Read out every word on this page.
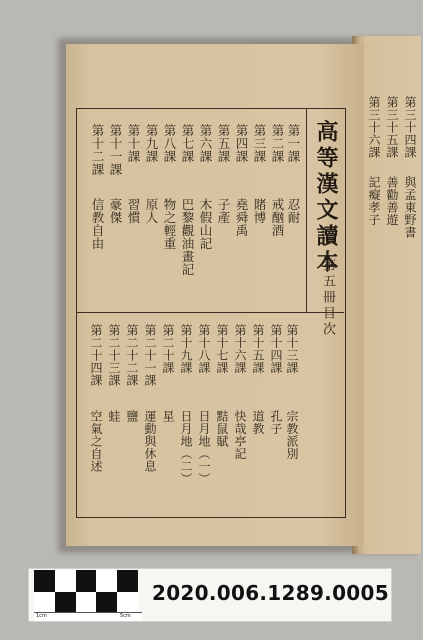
高等漢文讀本
第五冊目次
第一課
忍耐
第二課
戒酗酒
第三課
賭博
第四課
堯舜禹
第五課
子產
第六課
木假山記
第七課
巴黎觀油畫記
第八課
物之輕重
第九課
原人
第十課
習慣
第十一課
豪傑
第十二課
信教自由
第十三課
宗教派別
第十四課
孔子
第十五課
道教
第十六課
快哉亭記
第十七課
黠鼠賦
第十八課
日月地（一）
第十九課
日月地（二）
第二十課
星
第二十一課
運動與休息
第二十二課
鹽
第二十三課
蛙
第二十四課
空氣之自述
第三十四課
與孟東野書
第三十五課
善勸善遊
第三十六課
記癡孝子
1cm	5cm
2020.006.1289.0005
